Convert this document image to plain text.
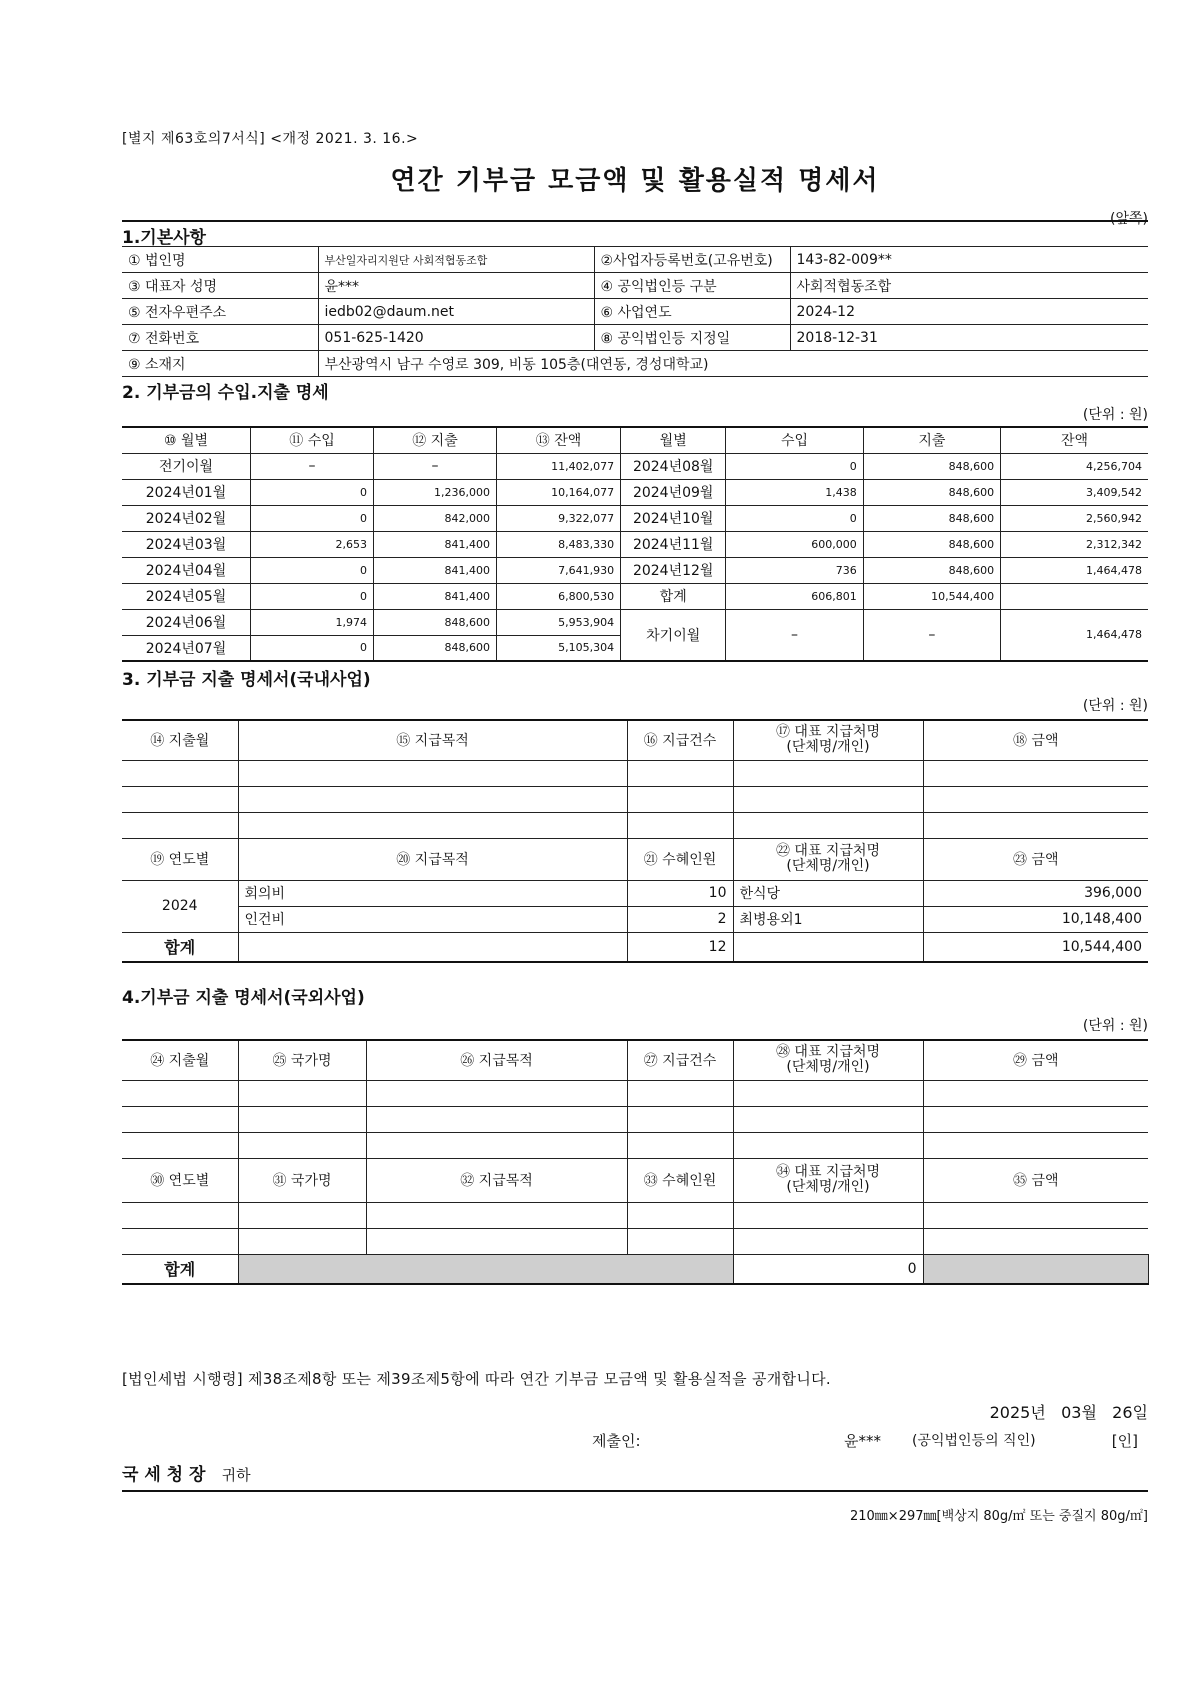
[별지 제63호의7서식] <개정 2021. 3. 16.>
연간 기부금 모금액 및 활용실적 명세서
(앞쪽)
1.기본사항
① 법인명	부산일자리지원단 사회적협동조합	②사업자등록번호(고유번호)	143-82-009**
③ 대표자 성명	윤***	④ 공익법인등 구분	사회적협동조합
⑤ 전자우편주소	iedb02@daum.net	⑥ 사업연도	2024-12
⑦ 전화번호	051-625-1420	⑧ 공익법인등 지정일	2018-12-31
⑨ 소재지	부산광역시 남구 수영로 309, 비동 105층(대연동, 경성대학교)		
2. 기부금의 수입.지출 명세
(단위 : 원)
⑩ 월별	⑪ 수입	⑫ 지출	⑬ 잔액	월별	수입	지출	잔액
전기이월	–	–	11,402,077	2024년08월	0	848,600	4,256,704
2024년01월	0	1,236,000	10,164,077	2024년09월	1,438	848,600	3,409,542
2024년02월	0	842,000	9,322,077	2024년10월	0	848,600	2,560,942
2024년03월	2,653	841,400	8,483,330	2024년11월	600,000	848,600	2,312,342
2024년04월	0	841,400	7,641,930	2024년12월	736	848,600	1,464,478
2024년05월	0	841,400	6,800,530	합계	606,801	10,544,400	
2024년06월	1,974	848,600	5,953,904	차기이월	–	–	1,464,478
2024년07월	0	848,600	5,105,304				
3. 기부금 지출 명세서(국내사업)
(단위 : 원)
⑭ 지출월	⑮ 지급목적	⑯ 지급건수	⑰ 대표 지급처명
(단체명/개인)	⑱ 금액

⑲ 연도별	⑳ 지급목적	㉑ 수혜인원	㉒ 대표 지급처명
(단체명/개인)	㉓ 금액
2024	회의비	10	한식당	396,000
	인건비	2	최병용외1	10,148,400
합계		12		10,544,400
4.기부금 지출 명세서(국외사업)
(단위 : 원)
㉔ 지출월	㉕ 국가명	㉖ 지급목적	㉗ 지급건수	㉘ 대표 지급처명
(단체명/개인)	㉙ 금액	

㉚ 연도별	㉛ 국가명	㉜ 지급목적	㉝ 수혜인원	㉞ 대표 지급처명
(단체명/개인)	㉟ 금액	

합계				0		
[법인세법 시행령] 제38조제8항 또는 제39조제5항에 따라 연간 기부금 모금액 및 활용실적을 공개합니다.
2025년 03월 26일
제출인:	윤*** (공익법인등의 직인)	[인]
국 세 청 장 귀하
210㎜×297㎜[백상지 80g/㎡ 또는 중질지 80g/㎡]
